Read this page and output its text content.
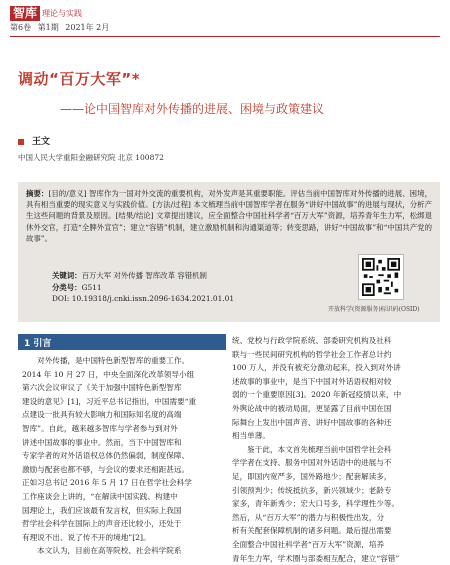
智库 理论与实践
第6卷 第1期 2021年 2月
调动“百万大军”*
——论中国智库对外传播的进展、困境与政策建议
王文
中国人民大学重阳金融研究院 北京 100872
摘要：[目的/意义] 智库作为一国对外交流的重要机构，对外发声是其重要职能。评估当前中国智库对外传播的进展、困境，具有相当重要的现实意义与实践价值。[方法/过程] 本文梳理当前中国智库学者在服务“讲好中国故事”的进展与现状，分析产生这些问题的背景及原因。[结果/结论] 文章提出建议，应全面整合中国社科学者“百万大军”资源，培养青年生力军，松绑退休外交官，打造“全脾外宣官”；建立“容错”机制，建立激励机制和沟通渠道等；转变思路，讲好“中国故事”和“中国共产党的故事”。
关键词：百万大军 对外传播 智库改革 容错机制
分类号：G511
DOI: 10.19318/j.cnki.issn.2096-1634.2021.01.01
开放科学(资源服务)标识码(OSID)
1 引言

　　对外传播，是中国特色新型智库的重要工作。

2014 年 10 月 27 日，中央全面深化改革领导小组

第六次会议审议了《关于加强中国特色新型智库

建设的意见》[1]，习近平总书记指出，中国需要“重

点建设一批具有较大影响力和国际知名度的高端

智库”。自此，越来越多智库与学者参与到对外

讲述中国故事的事业中。然而，当下中国智库和

专家学者的对外话语权总体仍然偏弱，制度保障、

激励与配套也都不够，与会议的要求还相距甚远。

正如习总书记 2016 年 5 月 17 日在哲学社会科学

工作座谈会上讲的，“在解读中国实践、构建中

国理论上，我们应该最有发言权，但实际上我国

哲学社会科学在国际上的声音还比较小，还处于

有理说不出、说了传不开的境地”[2]。

　　本文认为，目前在高等院校、社会科学院系

统、党校与行政学院系统、部委研究机构及社科

联与一些民间研究机构的哲学社会工作者总计约

100 万人，并没有被充分激动起来，投入到对外讲

述故事的事业中，是当下中国对外话语权相对较

弱的一个重要原因[3]。2020 年新冠疫情以来，中

外舆论战中的被动局面，更显露了目前中国在国

际舞台上发出中国声音、讲好中国故事的各种还

相当单薄。

　　鉴于此，本文首先梳理当前中国哲学社会科

学学者在支持、服务中国对外话语中的进展与不

足，即国内宽严多，国外路地少；配套解读多，

引领预判少；传统抵抗多，新兴领域少；老龄专

家多，青年新秀少；宏大口号多，科学理性少等。

然后，从“百万大军”的潜力与积极性出发，分

析有关配套保障机制的诸多问题。最后提出需要

全面整合中国社科学者“百万大军”资源，培养

青年生力军，学术圈与部委相互配合，建立“容错”
